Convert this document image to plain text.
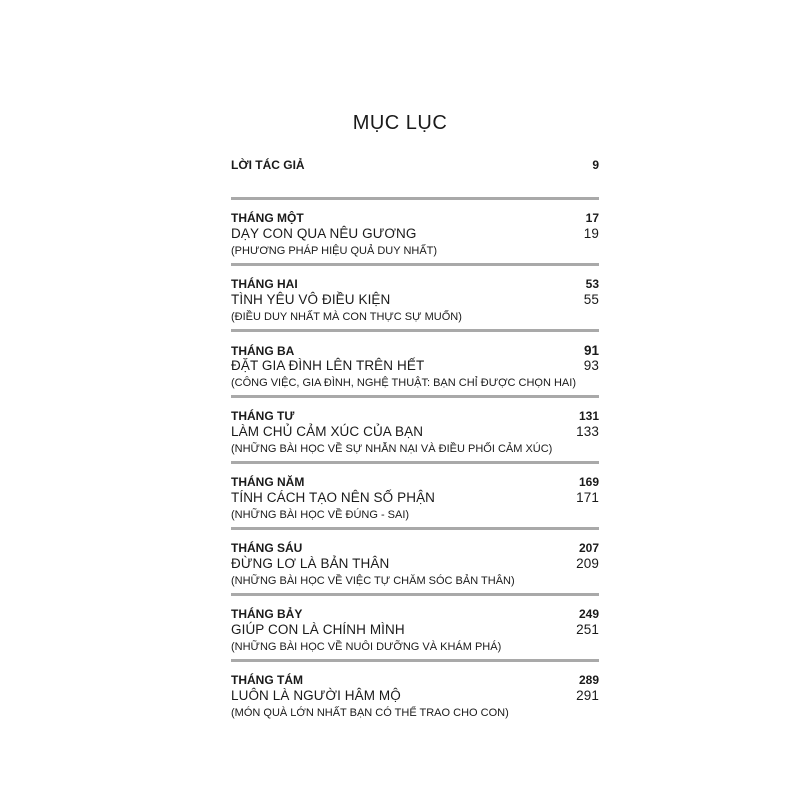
MỤC LỤC
LỜI TÁC GIẢ	9
THÁNG MỘT	17
DẠY CON QUA NÊU GƯƠNG	19
(PHƯƠNG PHÁP HIỆU QUẢ DUY NHẤT)
THÁNG HAI	53
TÌNH YÊU VÔ ĐIỀU KIỆN	55
(ĐIỀU DUY NHẤT MÀ CON THỰC SỰ MUỐN)
THÁNG BA	91
ĐẶT GIA ĐÌNH LÊN TRÊN HẾT	93
(CÔNG VIỆC, GIA ĐÌNH, NGHỆ THUẬT: BẠN CHỈ ĐƯỢC CHỌN HAI)
THÁNG TƯ	131
LÀM CHỦ CẢM XÚC CỦA BẠN	133
(NHỮNG BÀI HỌC VỀ SỰ NHẪN NẠI VÀ ĐIỀU PHỐI CẢM XÚC)
THÁNG NĂM	169
TÍNH CÁCH TẠO NÊN SỐ PHẬN	171
(NHỮNG BÀI HỌC VỀ ĐÚNG - SAI)
THÁNG SÁU	207
ĐỪNG LƠ LÀ BẢN THÂN	209
(NHỮNG BÀI HỌC VỀ VIỆC TỰ CHĂM SÓC BẢN THÂN)
THÁNG BẢY	249
GIÚP CON LÀ CHÍNH MÌNH	251
(NHỮNG BÀI HỌC VỀ NUÔI DƯỠNG VÀ KHÁM PHÁ)
THÁNG TÁM	289
LUÔN LÀ NGƯỜI HÂM MỘ	291
(MÓN QUÀ LỚN NHẤT BẠN CÓ THỂ TRAO CHO CON)
